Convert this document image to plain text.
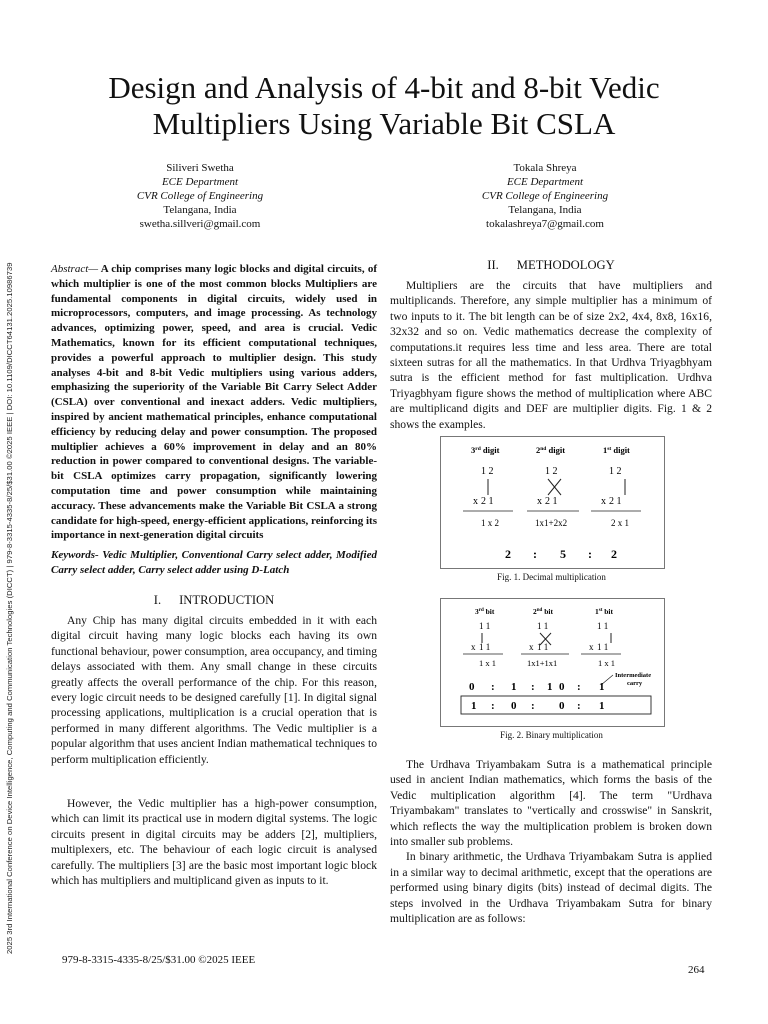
2025 3rd International Conference on Device Intelligence, Computing and Communication Technologies (DICCT) | 979-8-3315-4335-8/25/$31.00 ©2025 IEEE | DOI: 10.1109/DICCT64131.2025.10986739
Design and Analysis of 4-bit and 8-bit Vedic Multipliers Using Variable Bit CSLA
Siliveri Swetha
ECE Department
CVR College of Engineering
Telangana, India
swetha.sillveri@gmail.com
Tokala Shreya
ECE Department
CVR College of Engineering
Telangana, India
tokalashreya7@gmail.com

Abstract— A chip comprises many logic blocks and digital circuits, of which multiplier is one of the most common blocks Multipliers are fundamental components in digital circuits, widely used in microprocessors, computers, and image processing. As technology advances, optimizing power, speed, and area is crucial. Vedic Mathematics, known for its efficient computational techniques, provides a powerful approach to multiplier design. This study analyses 4-bit and 8-bit Vedic multipliers using various adders, emphasizing the superiority of the Variable Bit Carry Select Adder (CSLA) over conventional and inexact adders. Vedic multipliers, inspired by ancient mathematical principles, enhance computational efficiency by reducing delay and power consumption. The proposed multiplier achieves a 60% improvement in delay and an 80% reduction in power compared to conventional designs. The variable-bit CSLA optimizes carry propagation, significantly lowering computation time and power consumption while maintaining accuracy. These advancements make the Variable Bit CSLA a strong candidate for high-speed, energy-efficient applications, reinforcing its importance in next-generation digital circuits

Keywords- Vedic Multiplier, Conventional Carry select adder, Modified Carry select adder, Carry select adder using D-Latch
I. INTRODUCTION
Any Chip has many digital circuits embedded in it with each digital circuit having many logic blocks each having its own functional behaviour, power consumption, area occupancy, and timing delays associated with them. Any small change in these circuits greatly affects the overall performance of the chip. For this reason, every logic circuit needs to be designed carefully [1]. In digital signal processing applications, multiplication is a crucial operation that is performed in many different algorithms. The Vedic multiplier is a popular algorithm that uses ancient Indian mathematical techniques to perform multiplication efficiently.
However, the Vedic multiplier has a high-power consumption, which can limit its practical use in modern digital systems. The logic circuits present in digital circuits may be adders [2], multipliers, multiplexers, etc. The behaviour of each logic circuit is analysed carefully. The multipliers [3] are the basic most important logic block which has multipliers and multiplicand given as inputs to it.
II. METHODOLOGY
Multipliers are the circuits that have multipliers and multiplicands. Therefore, any simple multiplier has a minimum of two inputs to it. The bit length can be of size 2x2, 4x4, 8x8, 16x16, 32x32 and so on. Vedic mathematics decrease the complexity of computations.it requires less time and less area. There are total sixteen sutras for all the mathematics. In that Urdhva Triyagbhyam sutra is the efficient method for fast multiplication. Urdhva Triyagbhyam figure shows the method of multiplication where ABC are multiplicand digits and DEF are multiplier digits. Fig. 1 & 2 shows the examples.
3rd digit	2nd digit	1st digit
1 2
x 2 1
1 x 2
1 2
x 2 1
1x1+2x2
1 2
x 2 1
2 x 1
2 : 5 : 2
Fig. 1. Decimal multiplication
3rd bit	2nd bit	1st bit
1 1
x 1 1
1 x 1
1 1
x 1 1
1x1+1x1
1 1
x 1 1
1 x 1
Intermediate
carry
0 : 1 : 1 0 : 1
1 : 0 : 0 : 1
Fig. 2. Binary multiplication

The Urdhava Triyambakam Sutra is a mathematical principle used in ancient Indian mathematics, which forms the basis of the Vedic multiplication algorithm [4]. The term "Urdhava Triyambakam" translates to "vertically and crosswise" in Sanskrit, which reflects the way the multiplication problem is broken down into smaller sub problems.

In binary arithmetic, the Urdhava Triyambakam Sutra is applied in a similar way to decimal arithmetic, except that the operations are performed using binary digits (bits) instead of decimal digits. The steps involved in the Urdhava Triyambakam Sutra for binary multiplication are as follows:

979-8-3315-4335-8/25/$31.00 ©2025 IEEE
264
